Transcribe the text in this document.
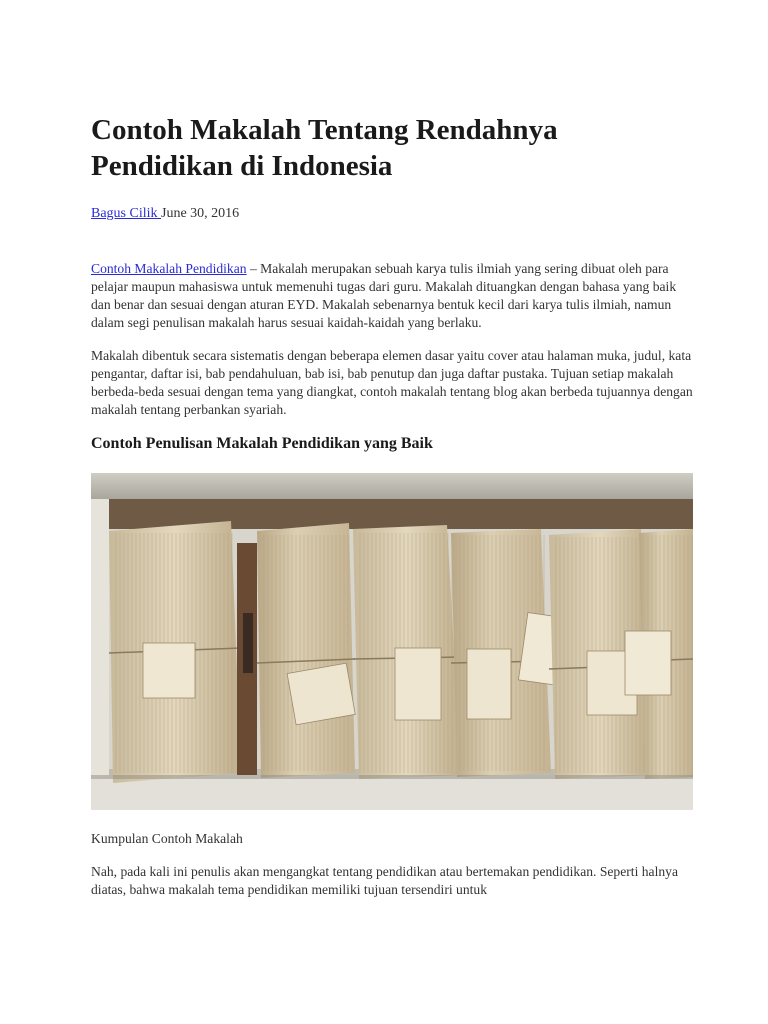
Contoh Makalah Tentang Rendahnya Pendidikan di Indonesia
Bagus Cilik June 30, 2016

Contoh Makalah Pendidikan – Makalah merupakan sebuah karya tulis ilmiah yang sering dibuat oleh para pelajar maupun mahasiswa untuk memenuhi tugas dari guru. Makalah dituangkan dengan bahasa yang baik dan benar dan sesuai dengan aturan EYD. Makalah sebenarnya bentuk kecil dari karya tulis ilmiah, namun dalam segi penulisan makalah harus sesuai kaidah-kaidah yang berlaku.

Makalah dibentuk secara sistematis dengan beberapa elemen dasar yaitu cover atau halaman muka, judul, kata pengantar, daftar isi, bab pendahuluan, bab isi, bab penutup dan juga daftar pustaka. Tujuan setiap makalah berbeda-beda sesuai dengan tema yang diangkat, contoh makalah tentang blog akan berbeda tujuannya dengan makalah tentang perbankan syariah.

Contoh Penulisan Makalah Pendidikan yang Baik
Kumpulan Contoh Makalah

Nah, pada kali ini penulis akan mengangkat tentang pendidikan atau bertemakan pendidikan. Seperti halnya diatas, bahwa makalah tema pendidikan memiliki tujuan tersendiri untuk
